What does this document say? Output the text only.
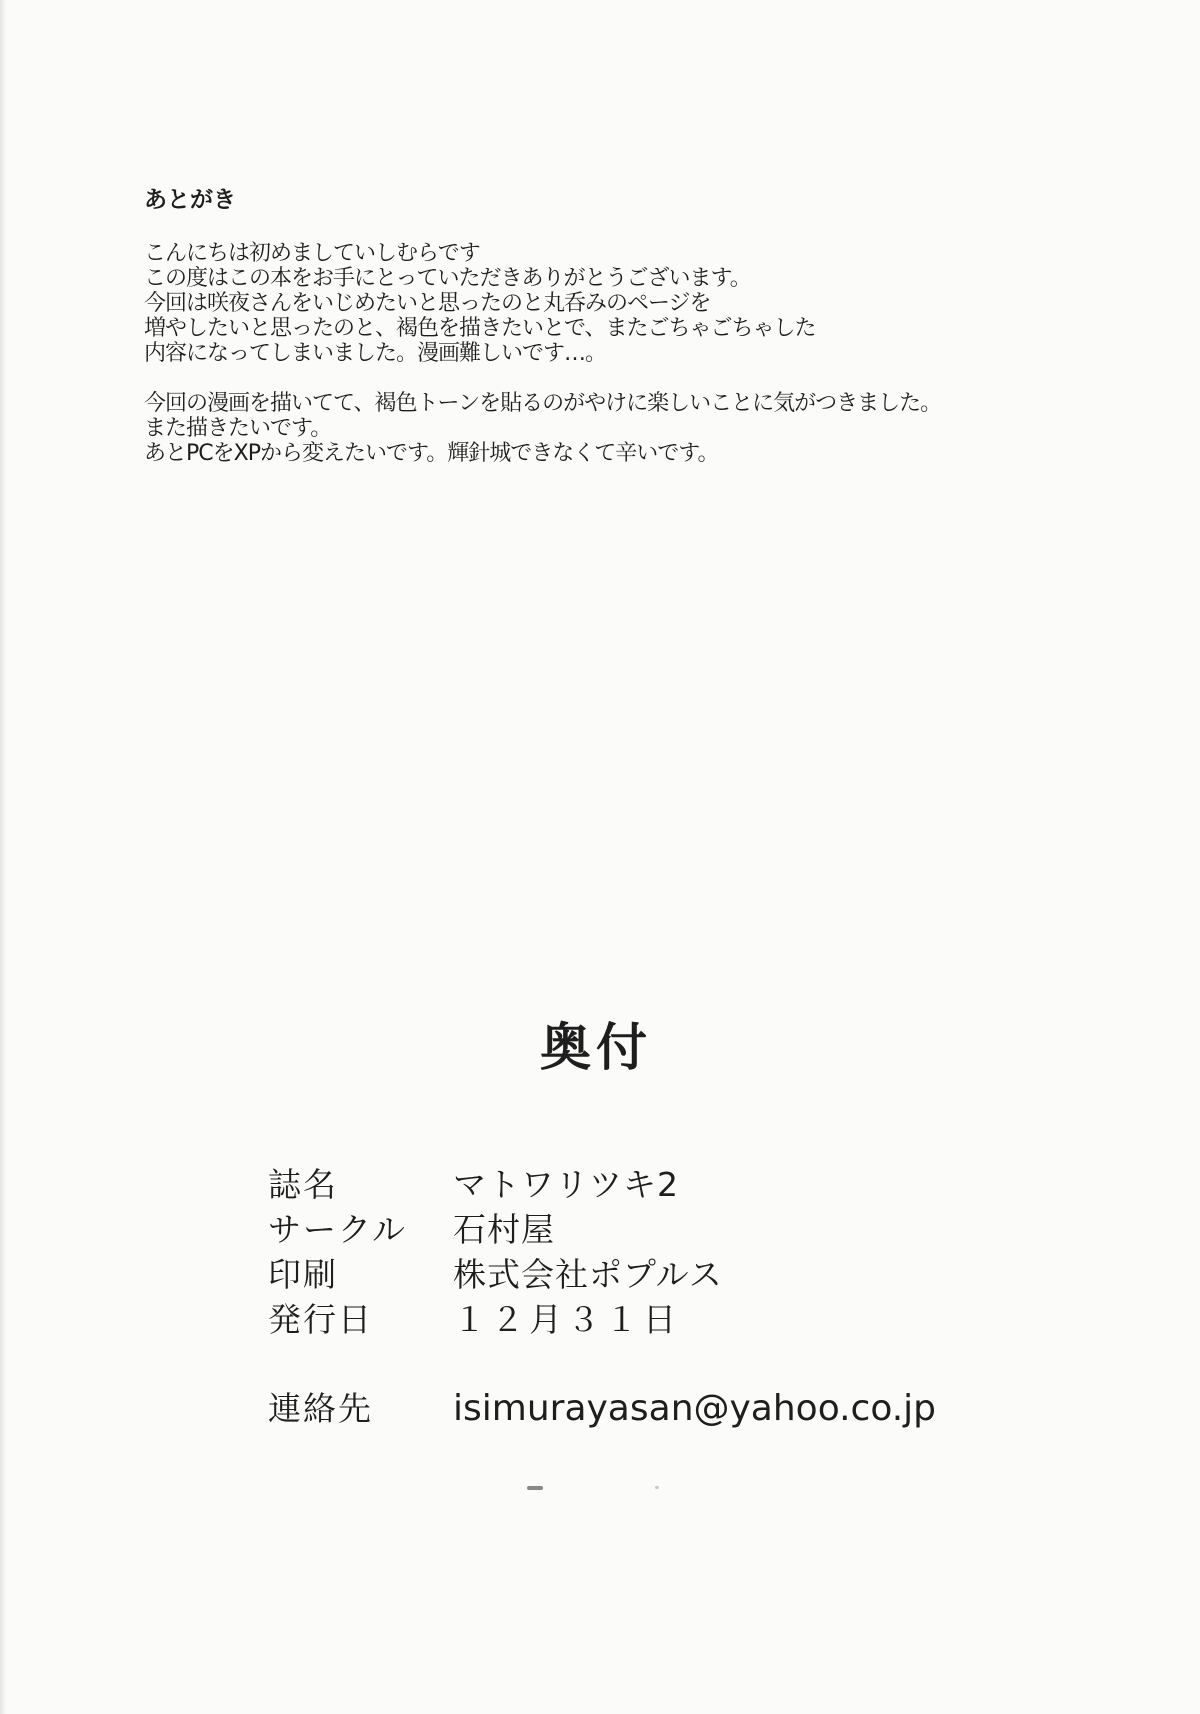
あとがき

こんにちは初めましていしむらです
この度はこの本をお手にとっていただきありがとうございます。
今回は咲夜さんをいじめたいと思ったのと丸呑みのページを
増やしたいと思ったのと、褐色を描きたいとで、またごちゃごちゃした
内容になってしまいました。漫画難しいです…。

今回の漫画を描いてて、褐色トーンを貼るのがやけに楽しいことに気がつきました。
また描きたいです。
あとPCをXPから変えたいです。輝針城できなくて辛いです。

奥付
誌名	マトワリツキ2
サークル	石村屋
印刷	株式会社ポプルス
発行日	１２月３１日
連絡先	isimurayasan@yahoo.co.jp
